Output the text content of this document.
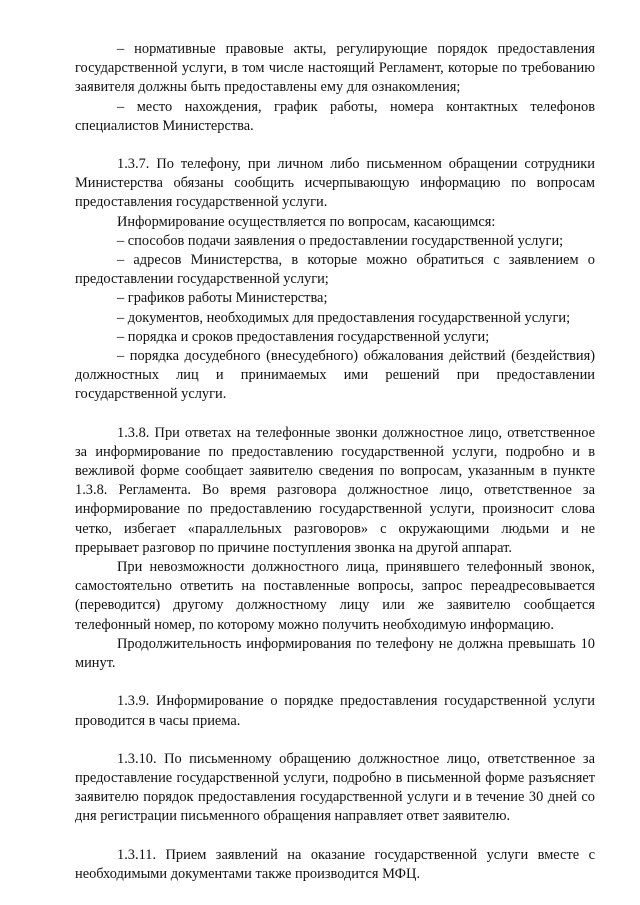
– нормативные правовые акты, регулирующие порядок предоставления государственной услуги, в том числе настоящий Регламент, которые по требованию заявителя должны быть предоставлены ему для ознакомления;

– место нахождения, график работы, номера контактных телефонов специалистов Министерства.

1.3.7. По телефону, при личном либо письменном обращении сотрудники Министерства обязаны сообщить исчерпывающую информацию по вопросам предоставления государственной услуги.

Информирование осуществляется по вопросам, касающимся:

– способов подачи заявления о предоставлении государственной услуги;

– адресов Министерства, в которые можно обратиться с заявлением о предоставлении государственной услуги;

– графиков работы Министерства;

– документов, необходимых для предоставления государственной услуги;

– порядка и сроков предоставления государственной услуги;

– порядка досудебного (внесудебного) обжалования действий (бездействия) должностных лиц и принимаемых ими решений при предоставлении государственной услуги.

1.3.8. При ответах на телефонные звонки должностное лицо, ответственное за информирование по предоставлению государственной услуги, подробно и в вежливой форме сообщает заявителю сведения по вопросам, указанным в пункте 1.3.8. Регламента. Во время разговора должностное лицо, ответственное за информирование по предоставлению государственной услуги, произносит слова четко, избегает «параллельных разговоров» с окружающими людьми и не прерывает разговор по причине поступления звонка на другой аппарат.

При невозможности должностного лица, принявшего телефонный звонок, самостоятельно ответить на поставленные вопросы, запрос переадресовывается (переводится) другому должностному лицу или же заявителю сообщается телефонный номер, по которому можно получить необходимую информацию.

Продолжительность информирования по телефону не должна превышать 10 минут.

1.3.9. Информирование о порядке предоставления государственной услуги проводится в часы приема.

1.3.10. По письменному обращению должностное лицо, ответственное за предоставление государственной услуги, подробно в письменной форме разъясняет заявителю порядок предоставления государственной услуги и в течение 30 дней со дня регистрации письменного обращения направляет ответ заявителю.

1.3.11. Прием заявлений на оказание государственной услуги вместе с необходимыми документами также производится МФЦ.
